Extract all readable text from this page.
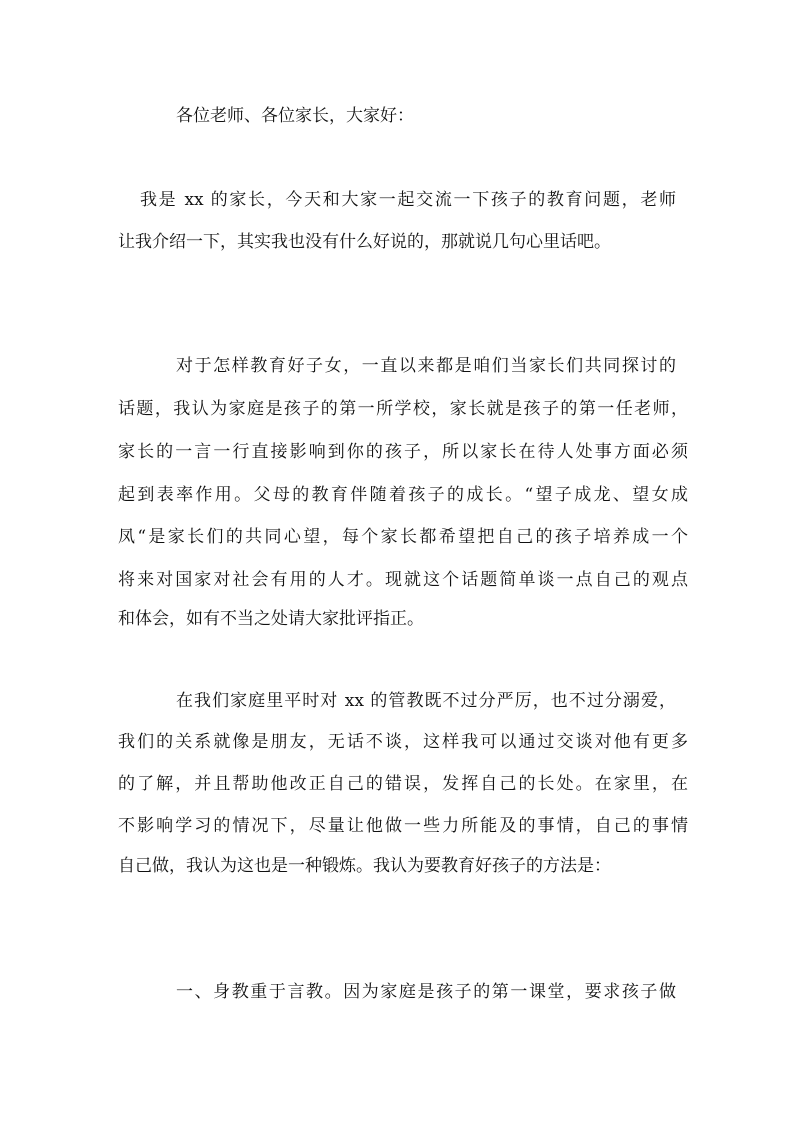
各位老师、各位家长，大家好：
我是 xx 的家长，今天和大家一起交流一下孩子的教育问题，老师
让我介绍一下，其实我也没有什么好说的，那就说几句心里话吧。
对于怎样教育好子女，一直以来都是咱们当家长们共同探讨的
话题，我认为家庭是孩子的第一所学校，家长就是孩子的第一任老师，
家长的一言一行直接影响到你的孩子，所以家长在待人处事方面必须
起到表率作用。父母的教育伴随着孩子的成长。“望子成龙、望女成
凤“是家长们的共同心望，每个家长都希望把自己的孩子培养成一个
将来对国家对社会有用的人才。现就这个话题简单谈一点自己的观点
和体会，如有不当之处请大家批评指正。
在我们家庭里平时对 xx 的管教既不过分严厉，也不过分溺爱，
我们的关系就像是朋友，无话不谈，这样我可以通过交谈对他有更多
的了解，并且帮助他改正自己的错误，发挥自己的长处。在家里，在
不影响学习的情况下，尽量让他做一些力所能及的事情，自己的事情
自己做，我认为这也是一种锻炼。我认为要教育好孩子的方法是：
一、身教重于言教。因为家庭是孩子的第一课堂，要求孩子做
